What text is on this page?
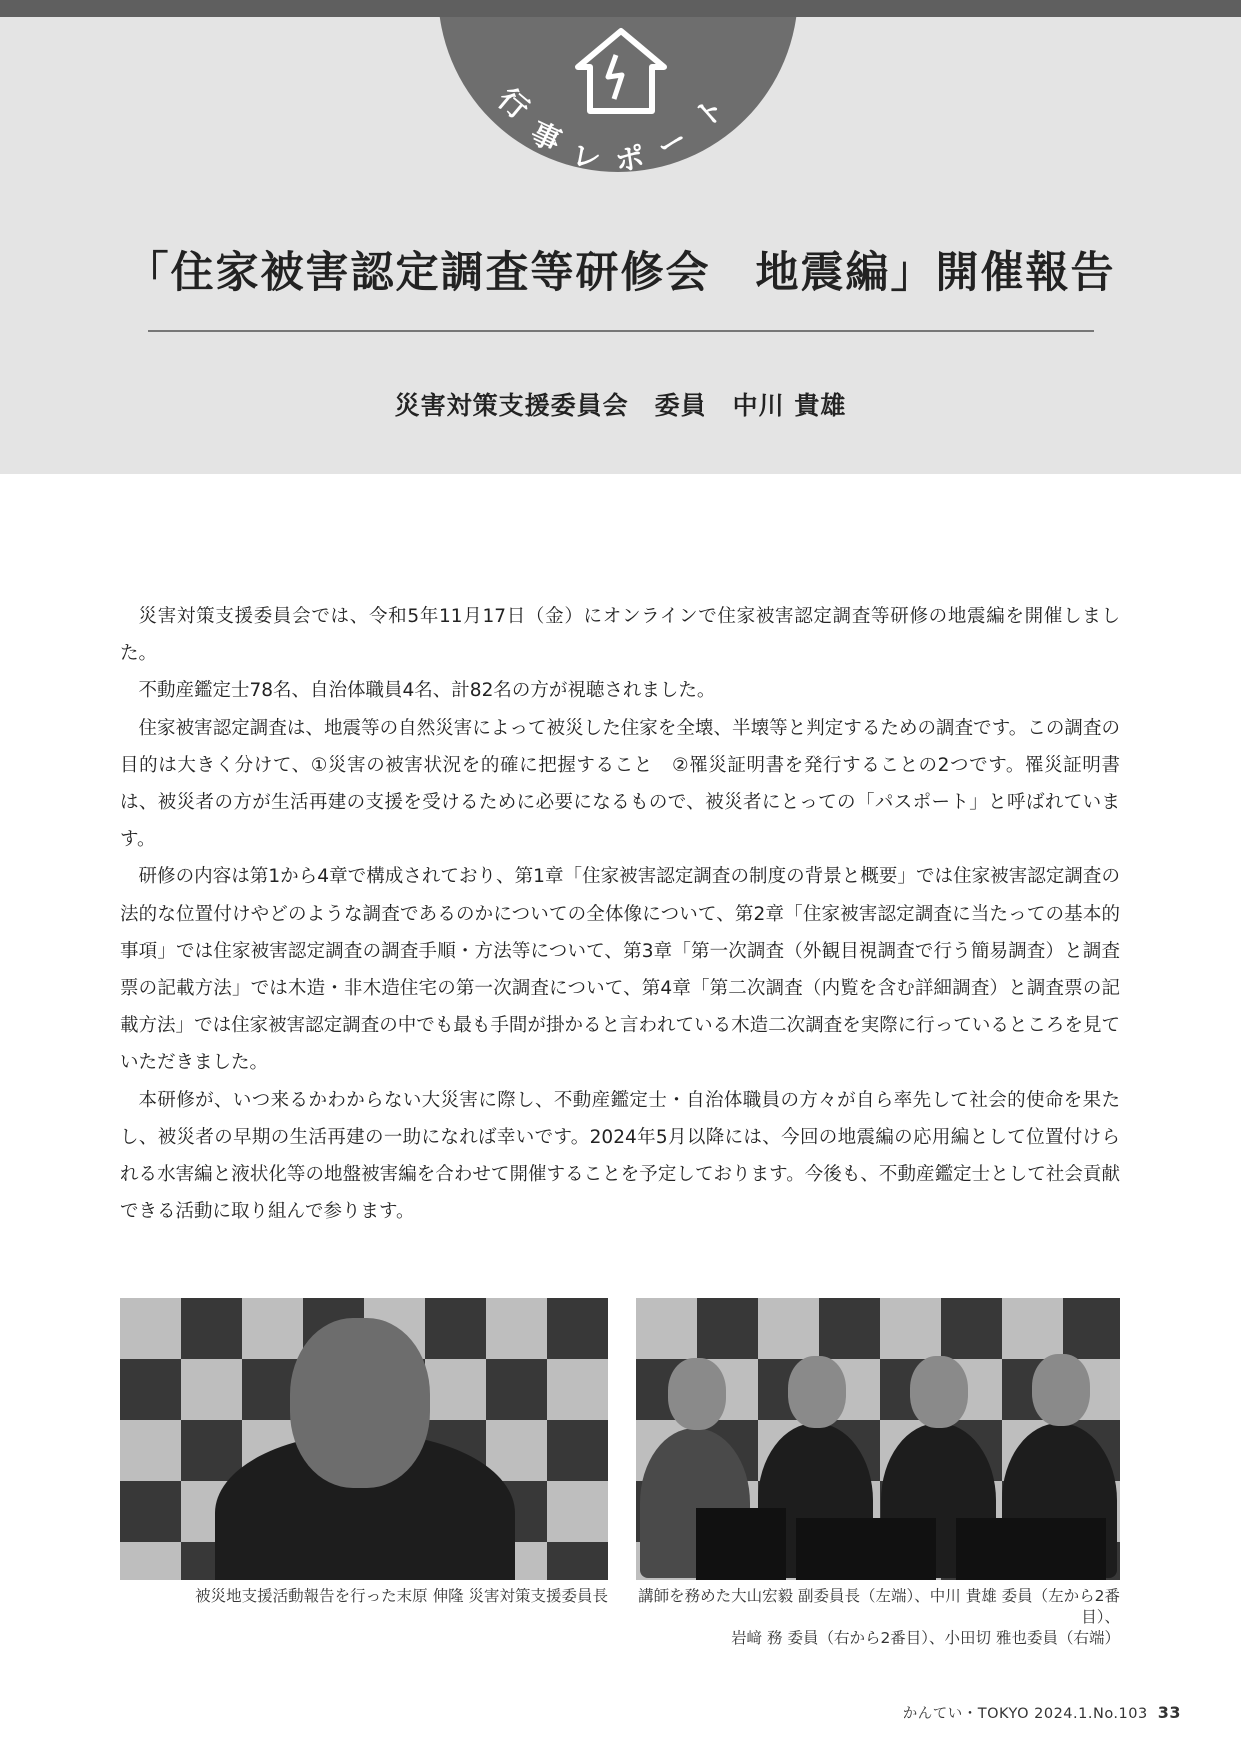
行
事 レ ポ ー
ト
「住家被害認定調査等研修会　地震編」開催報告
災害対策支援委員会　委員　中川 貴雄

災害対策支援委員会では、令和5年11月17日（金）にオンラインで住家被害認定調査等研修の地震編を開催しました。

不動産鑑定士78名、自治体職員4名、計82名の方が視聴されました。

住家被害認定調査は、地震等の自然災害によって被災した住家を全壊、半壊等と判定するための調査です。この調査の目的は大きく分けて、①災害の被害状況を的確に把握すること　②罹災証明書を発行することの2つです。罹災証明書は、被災者の方が生活再建の支援を受けるために必要になるもので、被災者にとっての「パスポート」と呼ばれています。

研修の内容は第1から4章で構成されており、第1章「住家被害認定調査の制度の背景と概要」では住家被害認定調査の法的な位置付けやどのような調査であるのかについての全体像について、第2章「住家被害認定調査に当たっての基本的事項」では住家被害認定調査の調査手順・方法等について、第3章「第一次調査（外観目視調査で行う簡易調査）と調査票の記載方法」では木造・非木造住宅の第一次調査について、第4章「第二次調査（内覧を含む詳細調査）と調査票の記載方法」では住家被害認定調査の中でも最も手間が掛かると言われている木造二次調査を実際に行っているところを見ていただきました。

本研修が、いつ来るかわからない大災害に際し、不動産鑑定士・自治体職員の方々が自ら率先して社会的使命を果たし、被災者の早期の生活再建の一助になれば幸いです。2024年5月以降には、今回の地震編の応用編として位置付けられる水害編と液状化等の地盤被害編を合わせて開催することを予定しております。今後も、不動産鑑定士として社会貢献できる活動に取り組んで参ります。

被災地支援活動報告を行った末原 伸隆 災害対策支援委員長 講師を務めた大山宏毅 副委員長（左端）、中川 貴雄 委員（左から2番目）、
岩﨑 務 委員（右から2番目）、小田切 雅也委員（右端）
かんてい・TOKYO 2024.1.No.103 33
